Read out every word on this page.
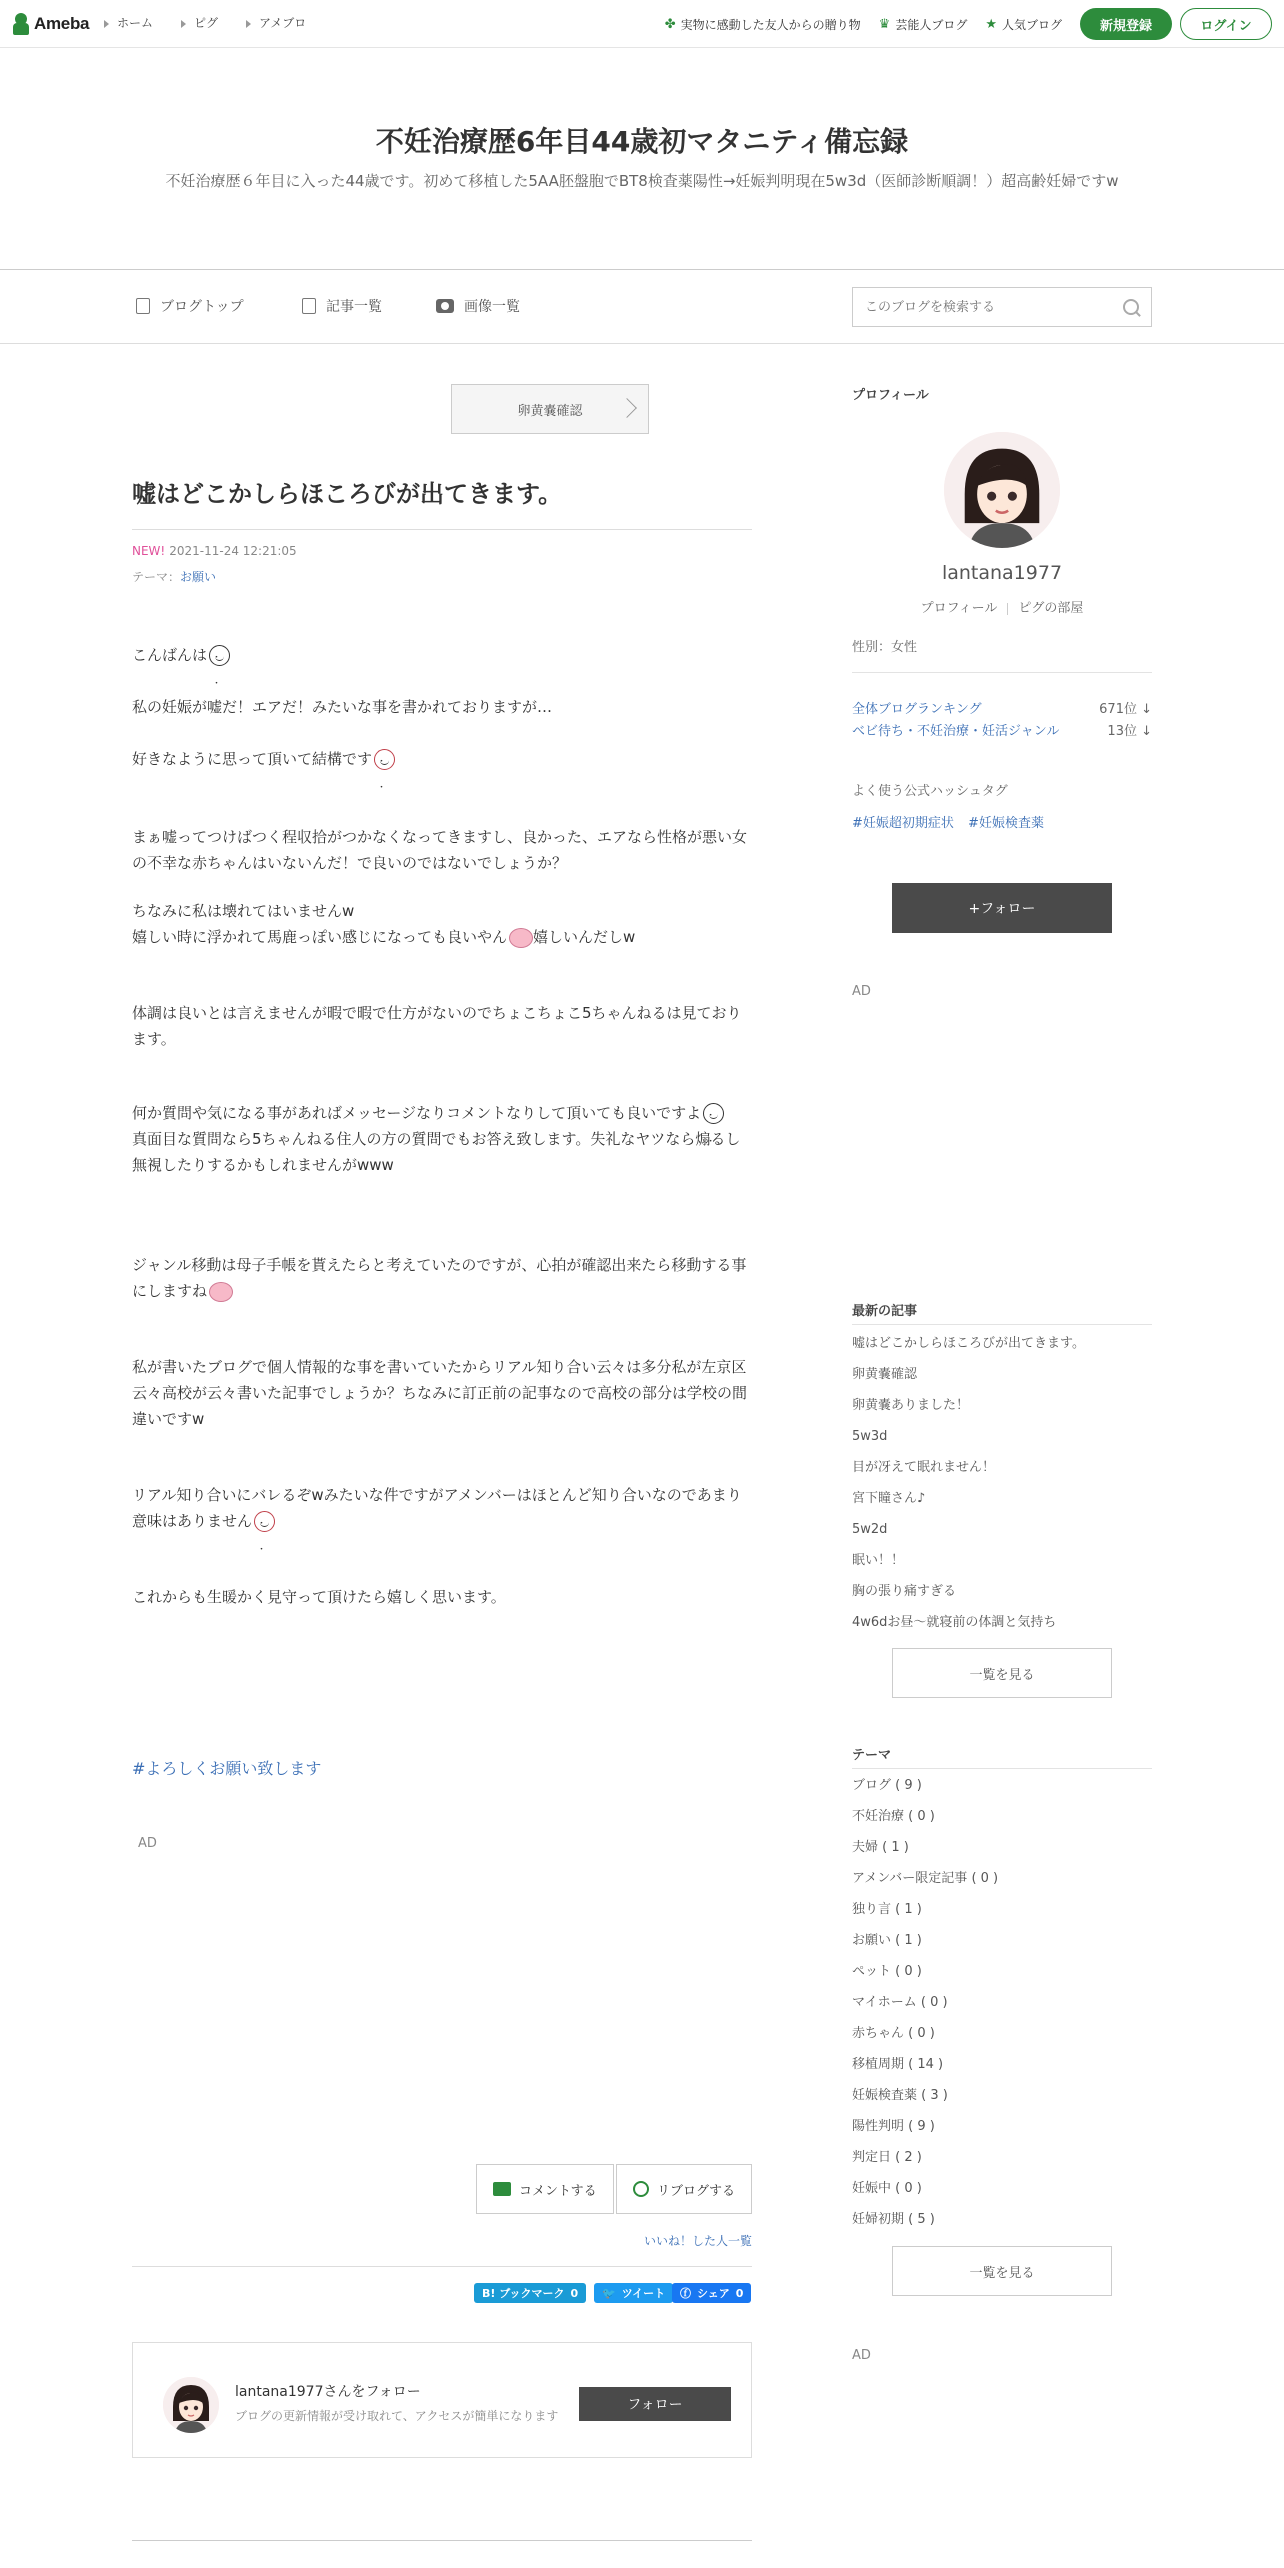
Ameba	ホーム	ピグ	アメブロ	✤ 実物に感動した友人からの贈り物 ♛ 芸能人ブログ ★ 人気ブログ	新規登録	ログイン
不妊治療歴6年目44歳初マタニティ備忘録
不妊治療歴６年目に入った44歳です。初めて移植した5AA胚盤胞でBT8検査薬陽性→妊娠判明現在5w3d（医師診断順調！）超高齢妊婦ですw
ブログトップ	記事一覧	画像一覧
このブログを検索する
卵黄嚢確認
嘘はどこかしらほころびが出てきます。
NEW! 2021-11-24 12:21:05
テーマ：お願い
こんばんは・ ・
私の妊娠が嘘だ！エアだ！みたいな事を書かれておりますが…
好きなように思って頂いて結構です・ ・
まぁ嘘ってつけばつく程収拾がつかなくなってきますし、良かった、エアなら性格が悪い女の不幸な赤ちゃんはいないんだ！で良いのではないでしょうか？
ちなみに私は壊れてはいませんw
嬉しい時に浮かれて馬鹿っぽい感じになっても良いやん 嬉しいんだしw
体調は良いとは言えませんが暇で暇で仕方がないのでちょこちょこ5ちゃんねるは見ております。
何か質問や気になる事があればメッセージなりコメントなりして頂いても良いですよ・ ・
真面目な質問なら5ちゃんねる住人の方の質問でもお答え致します。失礼なヤツなら煽るし無視したりするかもしれませんがwww
ジャンル移動は母子手帳を貰えたらと考えていたのですが、心拍が確認出来たら移動する事にしますね
私が書いたブログで個人情報的な事を書いていたからリアル知り合い云々は多分私が左京区云々高校が云々書いた記事でしょうか？ちなみに訂正前の記事なので高校の部分は学校の間違いですw
リアル知り合いにバレるぞwみたいな件ですがアメンバーはほとんど知り合いなのであまり意味はありません・ ・
これからも生暖かく見守って頂けたら嬉しく思います。
#よろしくお願い致します
AD
コメントする	リブログする
いいね！した人一覧
B! ブックマーク 0 🐦 ツイート ⓕ シェア 0
lantana1977さんをフォロー
ブログの更新情報が受け取れて、アクセスが簡単になります
フォロー
プロフィール
lantana1977
プロフィール ピグの部屋
性別：女性
全体ブログランキング	671位 ↓
ベビ待ち・不妊治療・妊活ジャンル	13位 ↓
よく使う公式ハッシュタグ
#妊娠超初期症状 #妊娠検査薬
+フォロー
AD
最新の記事
嘘はどこかしらほころびが出てきます。
卵黄嚢確認
卵黄嚢ありました！
5w3d
目が冴えて眠れません！
宮下瞳さん♪
5w2d
眠い！！
胸の張り痛すぎる
4w6dお昼〜就寝前の体調と気持ち
一覧を見る
テーマ
ブログ ( 9 )
不妊治療 ( 0 )
夫婦 ( 1 )
アメンバー限定記事 ( 0 )
独り言 ( 1 )
お願い ( 1 )
ペット ( 0 )
マイホーム ( 0 )
赤ちゃん ( 0 )
移植周期 ( 14 )
妊娠検査薬 ( 3 )
陽性判明 ( 9 )
判定日 ( 2 )
妊娠中 ( 0 )
妊婦初期 ( 5 )
一覧を見る
AD
